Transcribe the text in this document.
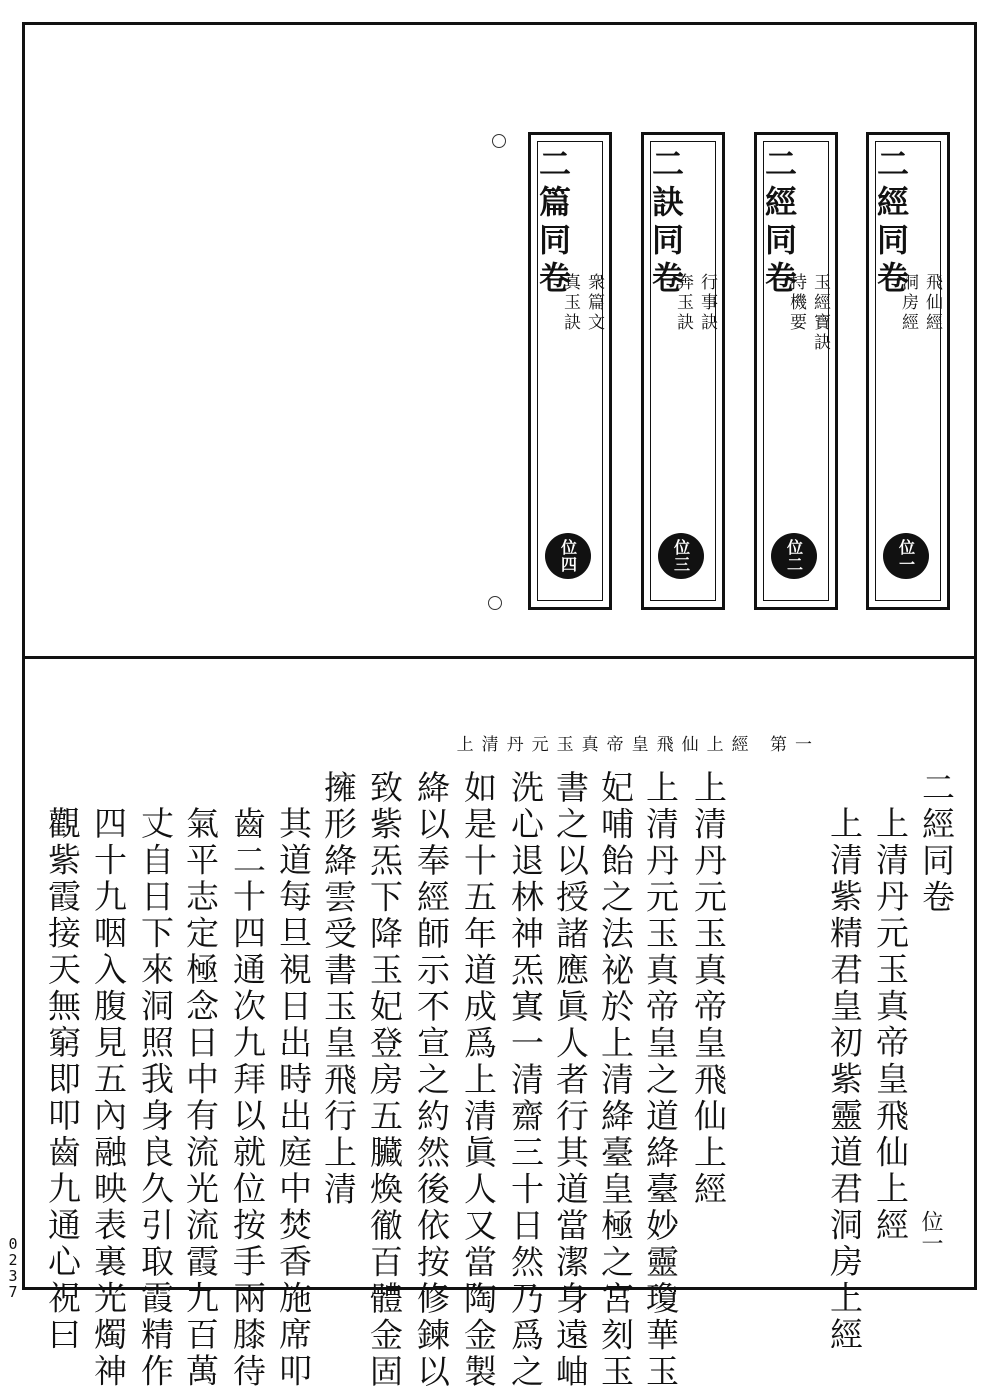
二經同卷
飛仙經
洞房經
位一
二經同卷
玉經寶訣
持機要
位二
二訣同卷
行事訣
奔玉訣
位三
二篇同卷
衆篇文
真玉訣
位四
二經同卷
上清丹元玉真帝皇飛仙上經
上清紫精君皇初紫靈道君洞房上經
上清丹元玉真帝皇飛仙上經 第一
上清丹元玉真帝皇飛仙上經
上清丹元玉真帝皇之道絳臺妙靈瓊華玉
妃哺飴之法祕於上清絳臺皇極之宮刻玉
書之以授諸應眞人者行其道當潔身遠岫
洗心退林神炁寘一清齋三十日然乃爲之
如是十五年道成爲上清眞人又當陶金製
絳以奉經師示不宣之約然後依按修鍊以
致紫炁下降玉妃登房五臟煥徹百體金固
擁形絳雲受書玉皇飛行上清
其道每旦視日出時出庭中焚香施席叩
齒二十四通次九拜以就位按手兩膝待
氣平志定極念日中有流光流霞九百萬
丈自日下來洞照我身良久引取霞精作
四十九咽入腹見五內融映表裏光燭神
觀紫霞接天無窮即叩齒九通心祝曰	位一
0237
